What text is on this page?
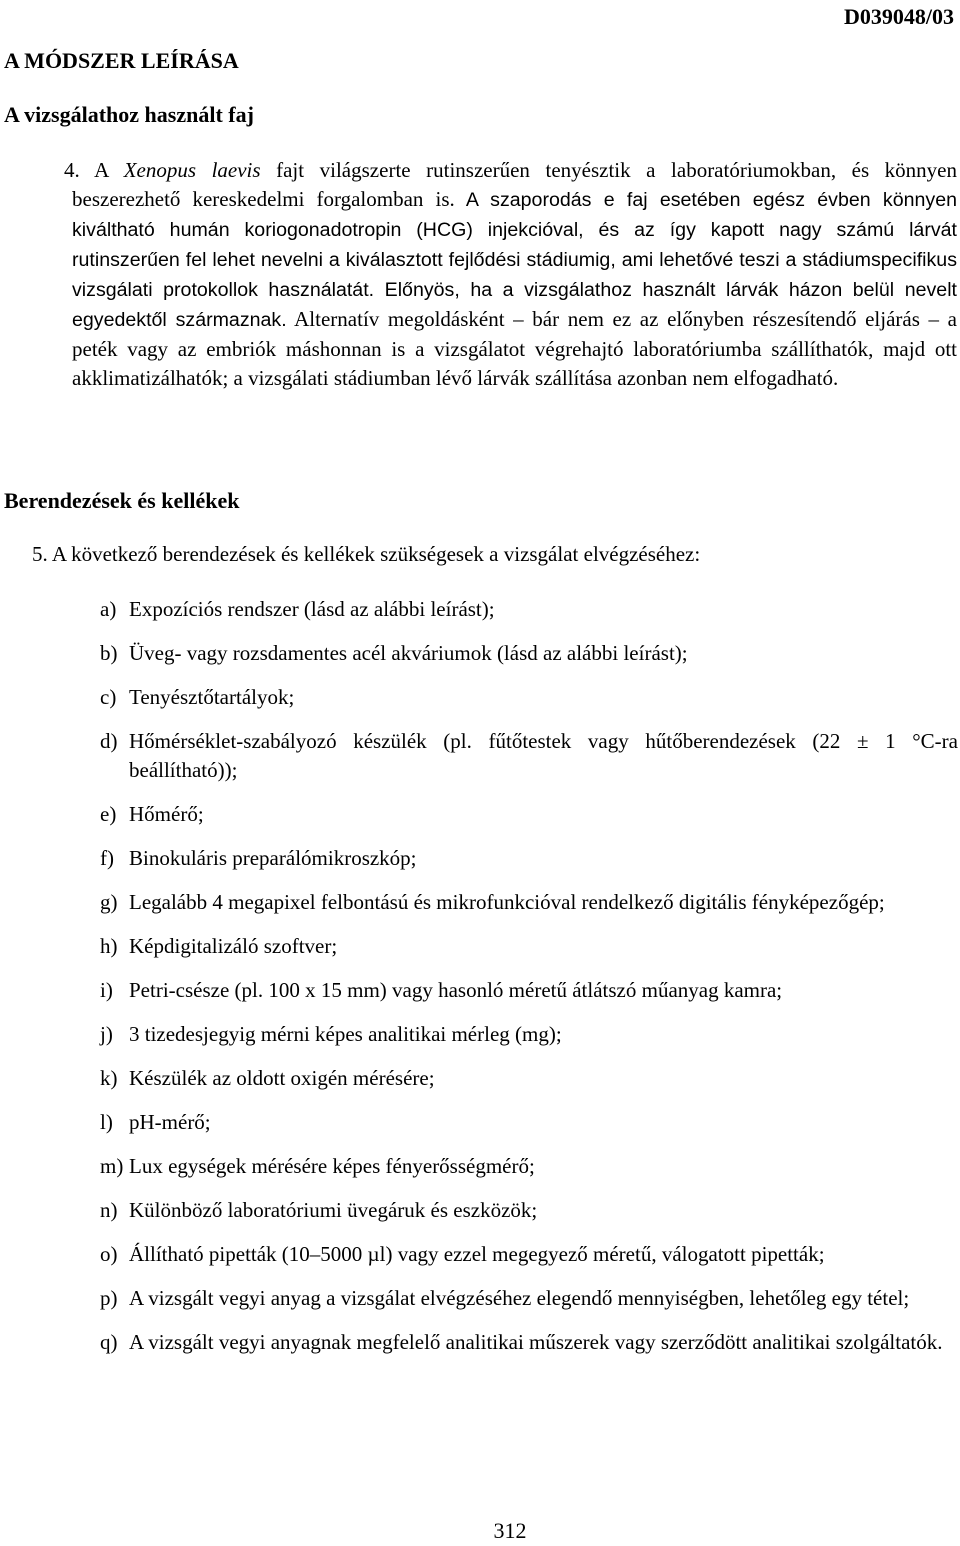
D039048/03
A MÓDSZER LEÍRÁSA
A vizsgálathoz használt faj

4. A Xenopus laevis fajt világszerte rutinszerűen tenyésztik a laboratóriumokban, és könnyen beszerezhető kereskedelmi forgalomban is. A szaporodás e faj esetében egész évben könnyen kiváltható humán koriogonadotropin (HCG) injekcióval, és az így kapott nagy számú lárvát rutinszerűen fel lehet nevelni a kiválasztott fejlődési stádiumig, ami lehetővé teszi a stádiumspecifikus vizsgálati protokollok használatát. Előnyös, ha a vizsgálathoz használt lárvák házon belül nevelt egyedektől származnak. Alternatív megoldásként – bár nem ez az előnyben részesítendő eljárás – a peték vagy az embriók máshonnan is a vizsgálatot végrehajtó laboratóriumba szállíthatók, majd ott akklimatizálhatók; a vizsgálati stádiumban lévő lárvák szállítása azonban nem elfogadható.

Berendezések és kellékek

5. A következő berendezések és kellékek szükségesek a vizsgálat elvégzéséhez:

a) Expozíciós rendszer (lásd az alábbi leírást);
b) Üveg- vagy rozsdamentes acél akváriumok (lásd az alábbi leírást);
c) Tenyésztőtartályok;
d) Hőmérséklet-szabályozó készülék (pl. fűtőtestek vagy hűtőberendezések (22 ± 1 °C-ra beállítható));
e) Hőmérő;
f) Binokuláris preparálómikroszkóp;
g) Legalább 4 megapixel felbontású és mikrofunkcióval rendelkező digitális fényképezőgép;
h) Képdigitalizáló szoftver;
i) Petri-csésze (pl. 100 x 15 mm) vagy hasonló méretű átlátszó műanyag kamra;
j) 3 tizedesjegyig mérni képes analitikai mérleg (mg);
k) Készülék az oldott oxigén mérésére;
l) pH-mérő;
m) Lux egységek mérésére képes fényerősségmérő;
n) Különböző laboratóriumi üvegáruk és eszközök;
o) Állítható pipetták (10–5000 µl) vagy ezzel megegyező méretű, válogatott pipetták;
p) A vizsgált vegyi anyag a vizsgálat elvégzéséhez elegendő mennyiségben, lehetőleg egy tétel;
q) A vizsgált vegyi anyagnak megfelelő analitikai műszerek vagy szerződött analitikai szolgáltatók.
312
